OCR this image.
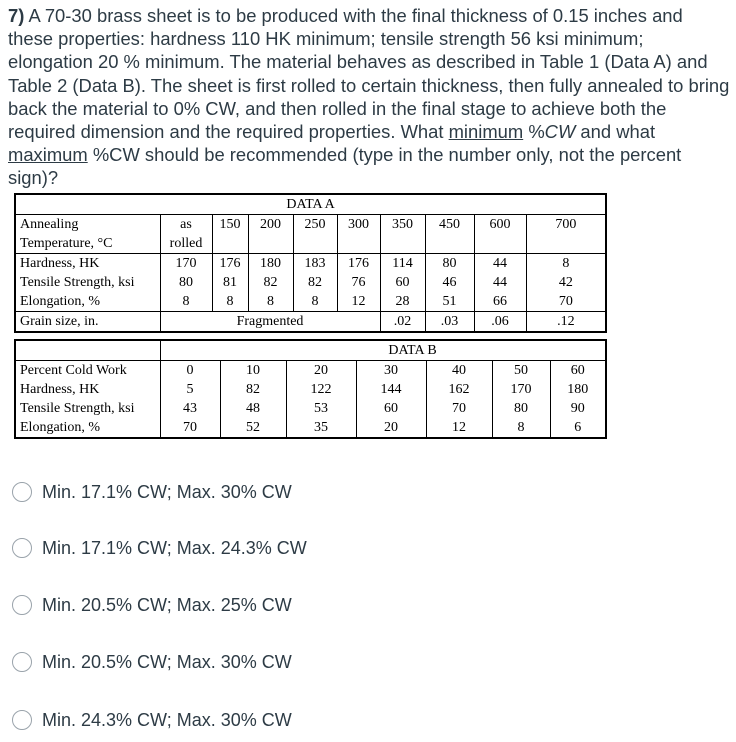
7) A 70-30 brass sheet is to be produced with the final thickness of 0.15 inches and these properties: hardness 110 HK minimum; tensile strength 56 ksi minimum; elongation 20 % minimum. The material behaves as described in Table 1 (Data A) and Table 2 (Data B). The sheet is first rolled to certain thickness, then fully annealed to bring back the material to 0% CW, and then rolled in the final stage to achieve both the required dimension and the required properties. What minimum %CW and what maximum %CW should be recommended (type in the number only, not the percent sign)?
DATA A									
Annealing	as	150	200	250	300	350	450	600	700
Temperature, °C	rolled								
Hardness, HK	170	176	180	183	176	114	80	44	8
Tensile Strength, ksi	80	81	82	82	76	60	46	44	42
Elongation, %	8	8	8	8	12	28	51	66	70
Grain size, in.	Fragmented					.02	.03	.06	.12
		DATA B					
Percent Cold Work	0	10	20	30	40	50	60
Hardness, HK	5	82	122	144	162	170	180
Tensile Strength, ksi	43	48	53	60	70	80	90
Elongation, %	70	52	35	20	12	8	6
Min. 17.1% CW; Max. 30% CW
Min. 17.1% CW; Max. 24.3% CW
Min. 20.5% CW; Max. 25% CW
Min. 20.5% CW; Max. 30% CW
Min. 24.3% CW; Max. 30% CW
